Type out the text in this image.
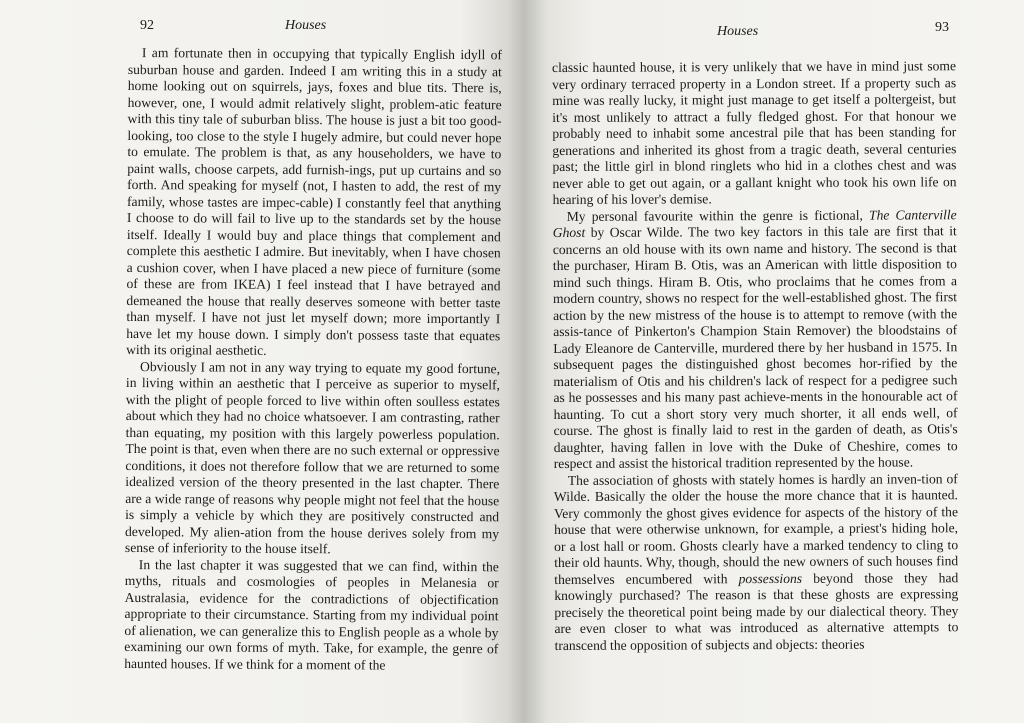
92	Houses

I am fortunate then in occupying that typically English idyll of suburban house and garden. Indeed I am writing this in a study at home looking out on squirrels, jays, foxes and blue tits. There is, however, one, I would admit relatively slight, problem-atic feature with this tiny tale of suburban bliss. The house is just a bit too good-looking, too close to the style I hugely admire, but could never hope to emulate. The problem is that, as any householders, we have to paint walls, choose carpets, add furnish-ings, put up curtains and so forth. And speaking for myself (not, I hasten to add, the rest of my family, whose tastes are impec-cable) I constantly feel that anything I choose to do will fail to live up to the standards set by the house itself. Ideally I would buy and place things that complement and complete this aesthetic I admire. But inevitably, when I have chosen a cushion cover, when I have placed a new piece of furniture (some of these are from IKEA) I feel instead that I have betrayed and demeaned the house that really deserves someone with better taste than myself. I have not just let myself down; more importantly I have let my house down. I simply don't possess taste that equates with its original aesthetic.

Obviously I am not in any way trying to equate my good fortune, in living within an aesthetic that I perceive as superior to myself, with the plight of people forced to live within often soulless estates about which they had no choice whatsoever. I am contrasting, rather than equating, my position with this largely powerless population. The point is that, even when there are no such external or oppressive conditions, it does not therefore follow that we are returned to some idealized version of the theory presented in the last chapter. There are a wide range of reasons why people might not feel that the house is simply a vehicle by which they are positively constructed and developed. My alien-ation from the house derives solely from my sense of inferiority to the house itself.

In the last chapter it was suggested that we can find, within the myths, rituals and cosmologies of peoples in Melanesia or Australasia, evidence for the contradictions of objectification appropriate to their circumstance. Starting from my individual point of alienation, we can generalize this to English people as a whole by examining our own forms of myth. Take, for example, the genre of haunted houses. If we think for a moment of the

Houses	93

classic haunted house, it is very unlikely that we have in mind just some very ordinary terraced property in a London street. If a property such as mine was really lucky, it might just manage to get itself a poltergeist, but it's most unlikely to attract a fully fledged ghost. For that honour we probably need to inhabit some ancestral pile that has been standing for generations and inherited its ghost from a tragic death, several centuries past; the little girl in blond ringlets who hid in a clothes chest and was never able to get out again, or a gallant knight who took his own life on hearing of his lover's demise.

My personal favourite within the genre is fictional, The Canterville Ghost by Oscar Wilde. The two key factors in this tale are first that it concerns an old house with its own name and history. The second is that the purchaser, Hiram B. Otis, was an American with little disposition to mind such things. Hiram B. Otis, who proclaims that he comes from a modern country, shows no respect for the well-established ghost. The first action by the new mistress of the house is to attempt to remove (with the assis-tance of Pinkerton's Champion Stain Remover) the bloodstains of Lady Eleanore de Canterville, murdered there by her husband in 1575. In subsequent pages the distinguished ghost becomes hor-rified by the materialism of Otis and his children's lack of respect for a pedigree such as he possesses and his many past achieve-ments in the honourable act of haunting. To cut a short story very much shorter, it all ends well, of course. The ghost is finally laid to rest in the garden of death, as Otis's daughter, having fallen in love with the Duke of Cheshire, comes to respect and assist the historical tradition represented by the house.

The association of ghosts with stately homes is hardly an inven-tion of Wilde. Basically the older the house the more chance that it is haunted. Very commonly the ghost gives evidence for aspects of the history of the house that were otherwise unknown, for example, a priest's hiding hole, or a lost hall or room. Ghosts clearly have a marked tendency to cling to their old haunts. Why, though, should the new owners of such houses find themselves encumbered with possessions beyond those they had knowingly purchased? The reason is that these ghosts are expressing precisely the theoretical point being made by our dialectical theory. They are even closer to what was introduced as alternative attempts to transcend the opposition of subjects and objects: theories
